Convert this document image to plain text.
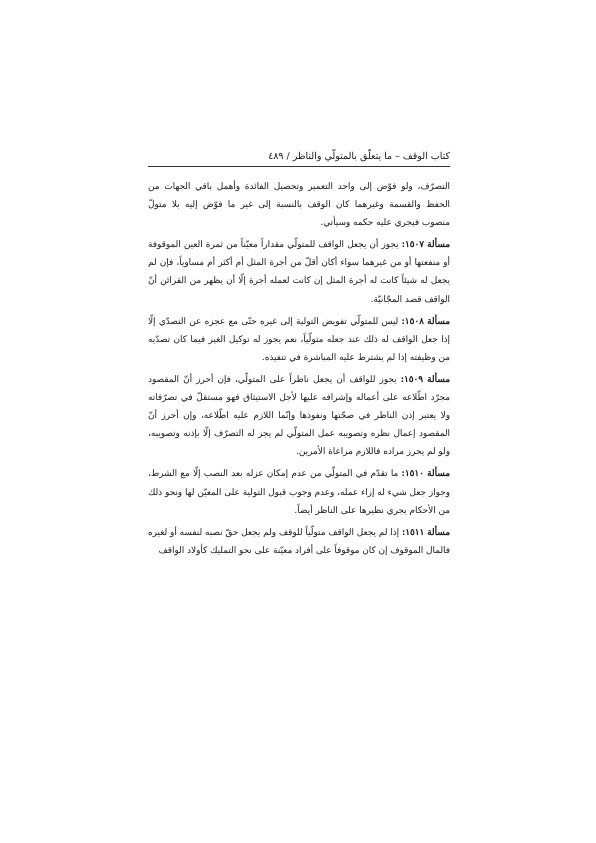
كتاب الوقف – ما يتعلّق بالمتولّي والناظر/٤٨٩

التصرّف، ولو فوّض إلى واحد التعمير وتحصيل الفائدة وأهمل باقي الجهات من الحفظ والقسمة وغيرهما كان الوقف بالنسبة إلى غير ما فوّض إليه بلا متولّ منصوب فيجري عليه حكمه وسيأتي.

مسألة ١٥٠٧: يجوز أن يجعل الواقف للمتولّي مقداراً معيّناً من ثمرة العين الموقوفة أو منفعتها أو من غيرهما سواء أكان أقلّ من أجرة المثل أم أكثر أم مساوياً، فإن لم يجعل له شيئاً كانت له أجرة المثل إن كانت لعمله أجرة إلّا أن يظهر من القرائن أنّ الواقف قصد المجّانيّة.

مسألة ١٥٠٨: ليس للمتولّي تفويض التولية إلى غيره حتّى مع عجزه عن التصدّي إلّا إذا جعل الواقف له ذلك عند جعله متولّياً، نعم يجوز له توكيل الغير فيما كان تصدّيه من وظيفته إذا لم يشترط عليه المباشرة في تنفيذه.

مسألة ١٥٠٩: يجوز للواقف أن يجعل ناظراً على المتولّي، فإن أحرز أنّ المقصود مجرّد اطّلاعه على أعماله وإشرافه عليها لأجل الاستيثاق فهو مستقلّ في تصرّفاته ولا يعتبر إذن الناظر في صحّتها ونفوذها وإنّما اللازم عليه اطّلاعه، وإن أحرز أنّ المقصود إعمال نظره وتصويبه عمل المتولّي لم يجز له التصرّف إلّا بإذنه وتصويبه، ولو لم يحرز مراده فاللازم مراعاة الأمرين.

مسألة ١٥١٠: ما تقدّم في المتولّي من عدم إمكان عزله بعد النصب إلّا مع الشرط، وجواز جعل شيء له إزاء عمله، وعدم وجوب قبول التولية على المعيّن لها ونحو ذلك من الأحكام يجري نظيرها على الناظر أيضاً.

مسألة ١٥١١: إذا لم يجعل الواقف متولّياً للوقف ولم يجعل حقّ نصبه لنفسه أو لغيره فالمال الموقوف إن كان موقوفاً على أفراد معيّنة على نحو التمليك كأولاد الواقف
